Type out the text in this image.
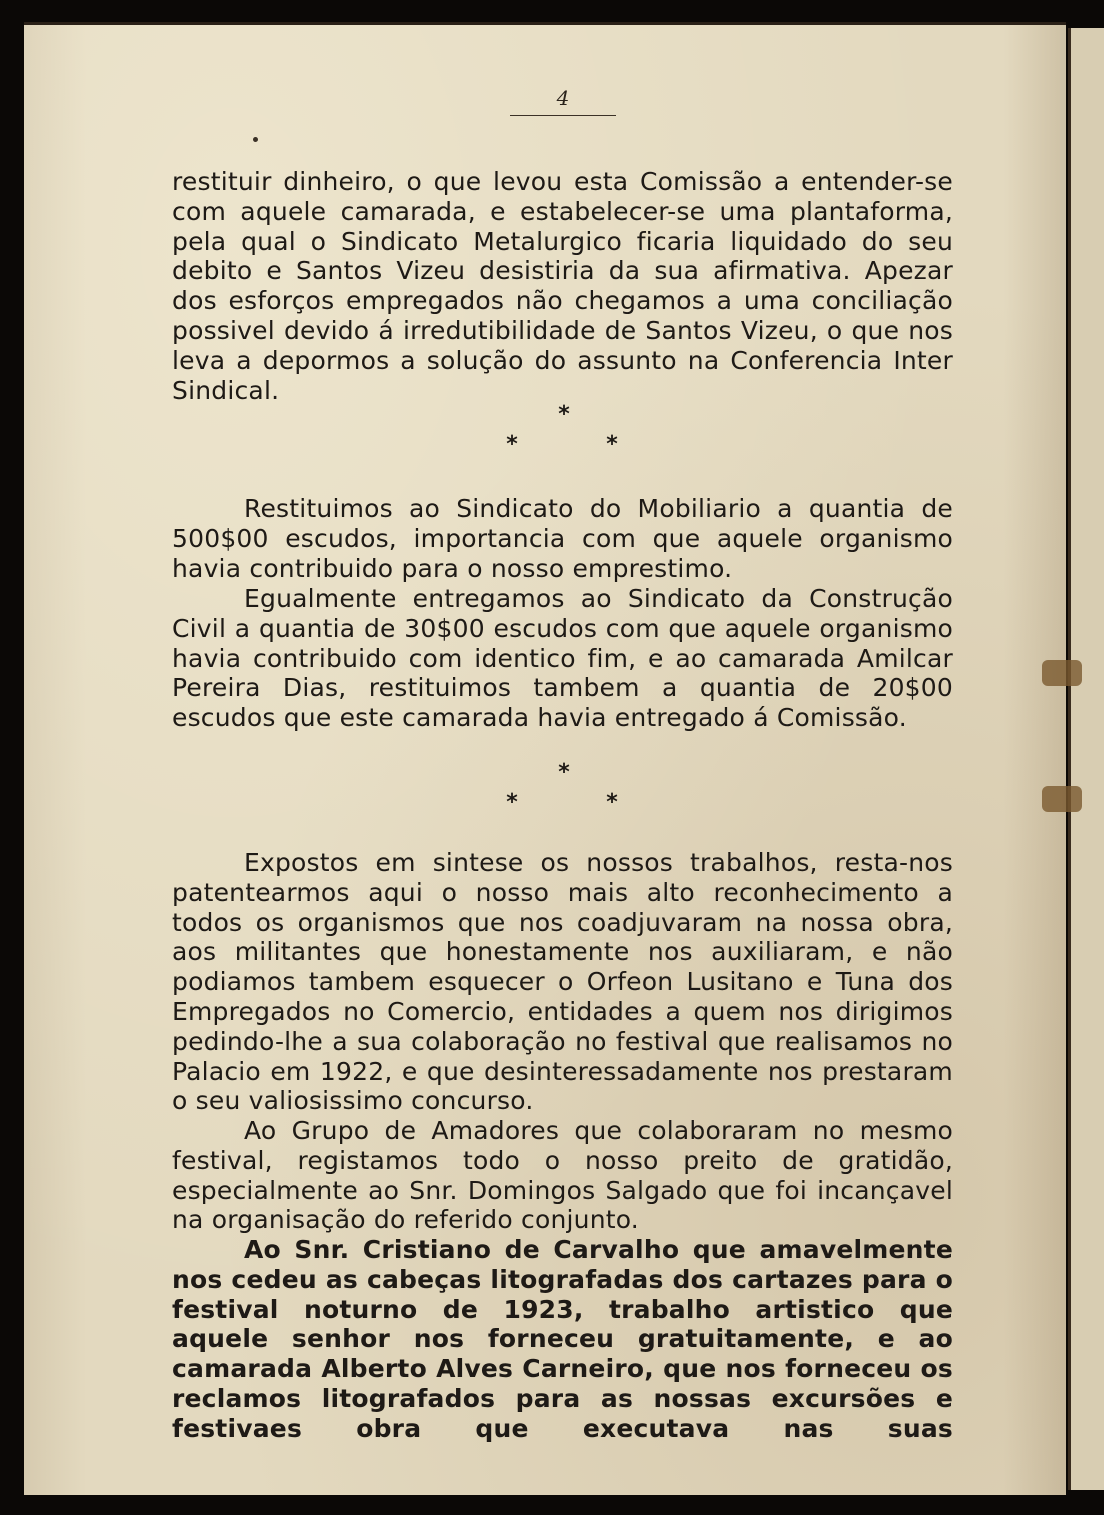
4

restituir dinheiro, o que levou esta Comissão a entender-se com aquele camarada, e estabelecer-se uma plantaforma, pela qual o Sindicato Metalurgico ficaria liquidado do seu debito e Santos Vizeu desistiria da sua afirmativa. Apezar dos esforços empregados não chegamos a uma conciliação possivel devido á irredutibilidade de Santos Vizeu, o que nos leva a depormos a solução do assunto na Conferencia Inter Sindical.

*
*	*

Restituimos ao Sindicato do Mobiliario a quantia de 500$00 escudos, importancia com que aquele organismo havia contribuido para o nosso emprestimo.

Egualmente entregamos ao Sindicato da Construção Civil a quantia de 30$00 escudos com que aquele organismo havia contribuido com identico fim, e ao camarada Amilcar Pereira Dias, restituimos tambem a quantia de 20$00 escudos que este camarada havia entregado á Comissão.

*
*	*

Expostos em sintese os nossos trabalhos, resta-nos patentearmos aqui o nosso mais alto reconhecimento a todos os organismos que nos coadjuvaram na nossa obra, aos militantes que honestamente nos auxiliaram, e não podiamos tambem esquecer o Orfeon Lusitano e Tuna dos Empregados no Comercio, entidades a quem nos dirigimos pedindo-lhe a sua colaboração no festival que realisamos no Palacio em 1922, e que desinteressadamente nos prestaram o seu valiosissimo concurso.

Ao Grupo de Amadores que colaboraram no mesmo festival, registamos todo o nosso preito de gratidão, especialmente ao Snr. Domingos Salgado que foi incançavel na organisação do referido conjunto.

Ao Snr. Cristiano de Carvalho que amavelmente nos cedeu as cabeças litografadas dos cartazes para o festival noturno de 1923, trabalho artistico que aquele senhor nos forneceu gratuitamente, e ao camarada Alberto Alves Carneiro, que nos forneceu os reclamos litografados para as nossas excursões e festivaes obra que executava nas suas
